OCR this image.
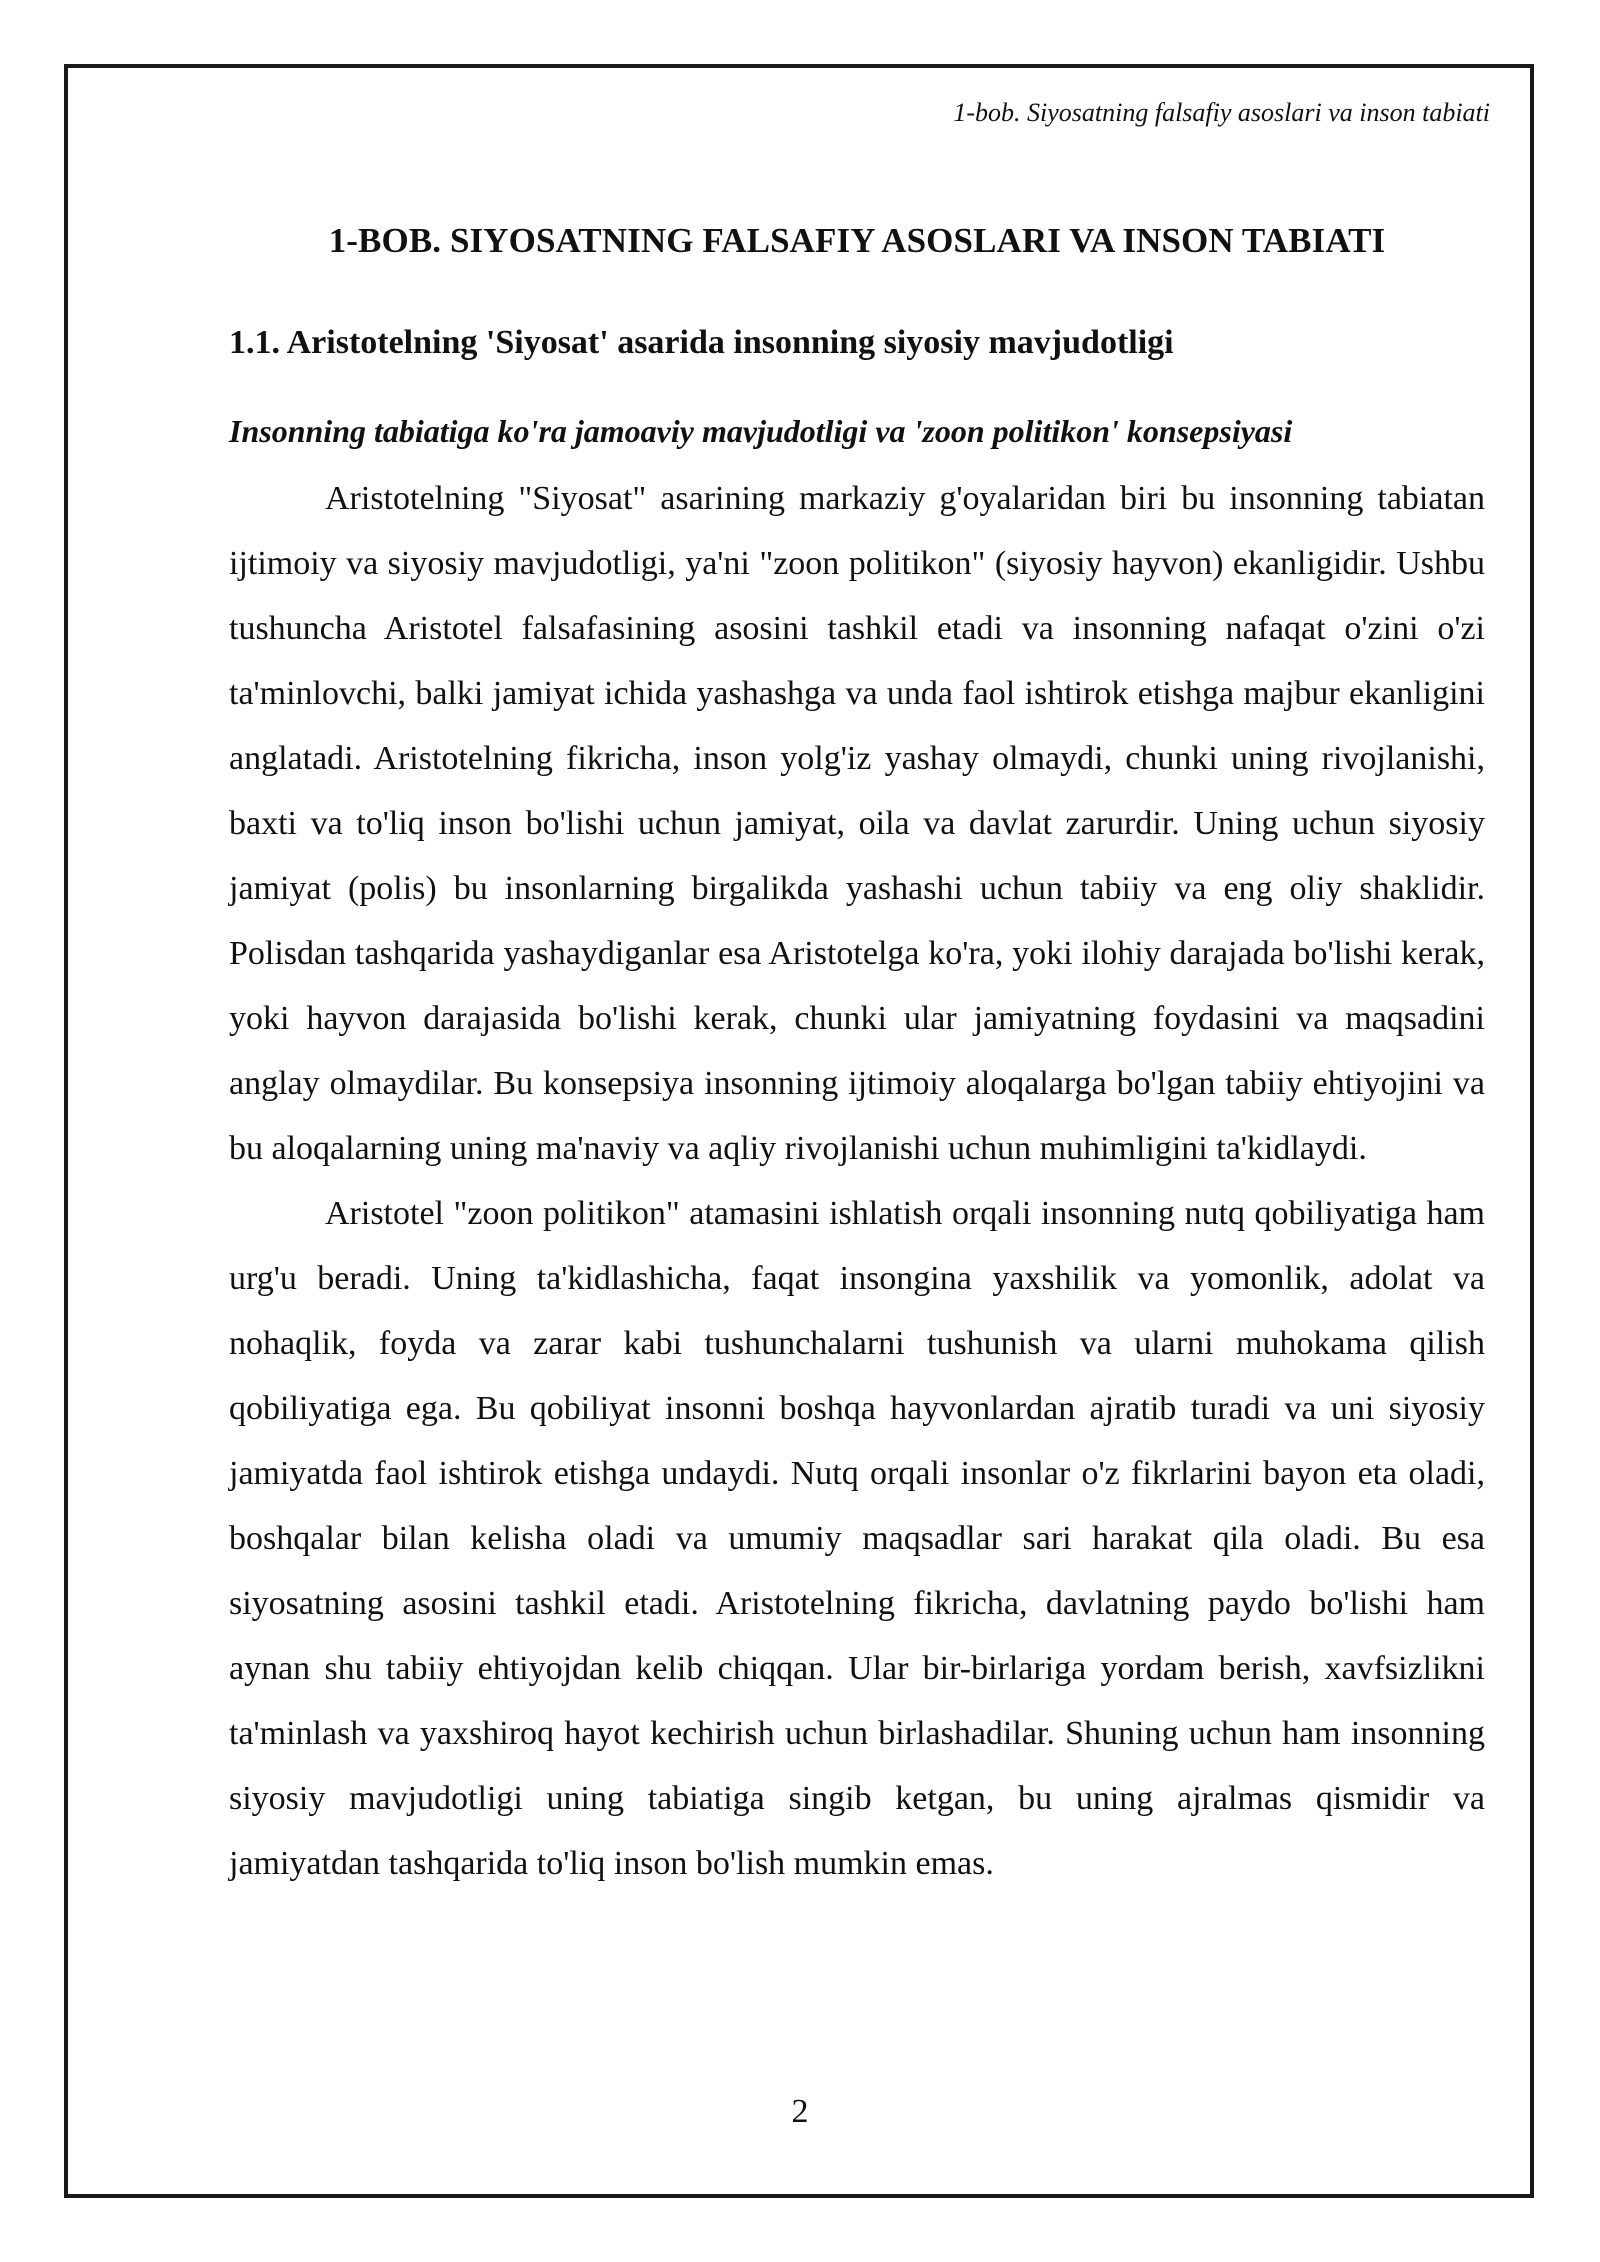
1-bob. Siyosatning falsafiy asoslari va inson tabiati
1-BOB. SIYOSATNING FALSAFIY ASOSLARI VA INSON TABIATI
1.1. Aristotelning 'Siyosat' asarida insonning siyosiy mavjudotligi
Insonning tabiatiga ko'ra jamoaviy mavjudotligi va 'zoon politikon' konsepsiyasi

Aristotelning "Siyosat" asarining markaziy g'oyalaridan biri bu insonning tabiatan ijtimoiy va siyosiy mavjudotligi, ya'ni "zoon politikon" (siyosiy hayvon) ekanligidir. Ushbu tushuncha Aristotel falsafasining asosini tashkil etadi va insonning nafaqat o'zini o'zi ta'minlovchi, balki jamiyat ichida yashashga va unda faol ishtirok etishga majbur ekanligini anglatadi. Aristotelning fikricha, inson yolg'iz yashay olmaydi, chunki uning rivojlanishi, baxti va to'liq inson bo'lishi uchun jamiyat, oila va davlat zarurdir. Uning uchun siyosiy jamiyat (polis) bu insonlarning birgalikda yashashi uchun tabiiy va eng oliy shaklidir. Polisdan tashqarida yashaydiganlar esa Aristotelga ko'ra, yoki ilohiy darajada bo'lishi kerak, yoki hayvon darajasida bo'lishi kerak, chunki ular jamiyatning foydasini va maqsadini anglay olmaydilar. Bu konsepsiya insonning ijtimoiy aloqalarga bo'lgan tabiiy ehtiyojini va bu aloqalarning uning ma'naviy va aqliy rivojlanishi uchun muhimligini ta'kidlaydi.

Aristotel "zoon politikon" atamasini ishlatish orqali insonning nutq qobiliyatiga ham urg'u beradi. Uning ta'kidlashicha, faqat insongina yaxshilik va yomonlik, adolat va nohaqlik, foyda va zarar kabi tushunchalarni tushunish va ularni muhokama qilish qobiliyatiga ega. Bu qobiliyat insonni boshqa hayvonlardan ajratib turadi va uni siyosiy jamiyatda faol ishtirok etishga undaydi. Nutq orqali insonlar o'z fikrlarini bayon eta oladi, boshqalar bilan kelisha oladi va umumiy maqsadlar sari harakat qila oladi. Bu esa siyosatning asosini tashkil etadi. Aristotelning fikricha, davlatning paydo bo'lishi ham aynan shu tabiiy ehtiyojdan kelib chiqqan. Ular bir-birlariga yordam berish, xavfsizlikni ta'minlash va yaxshiroq hayot kechirish uchun birlashadilar. Shuning uchun ham insonning siyosiy mavjudotligi uning tabiatiga singib ketgan, bu uning ajralmas qismidir va jamiyatdan tashqarida to'liq inson bo'lish mumkin emas.

2
